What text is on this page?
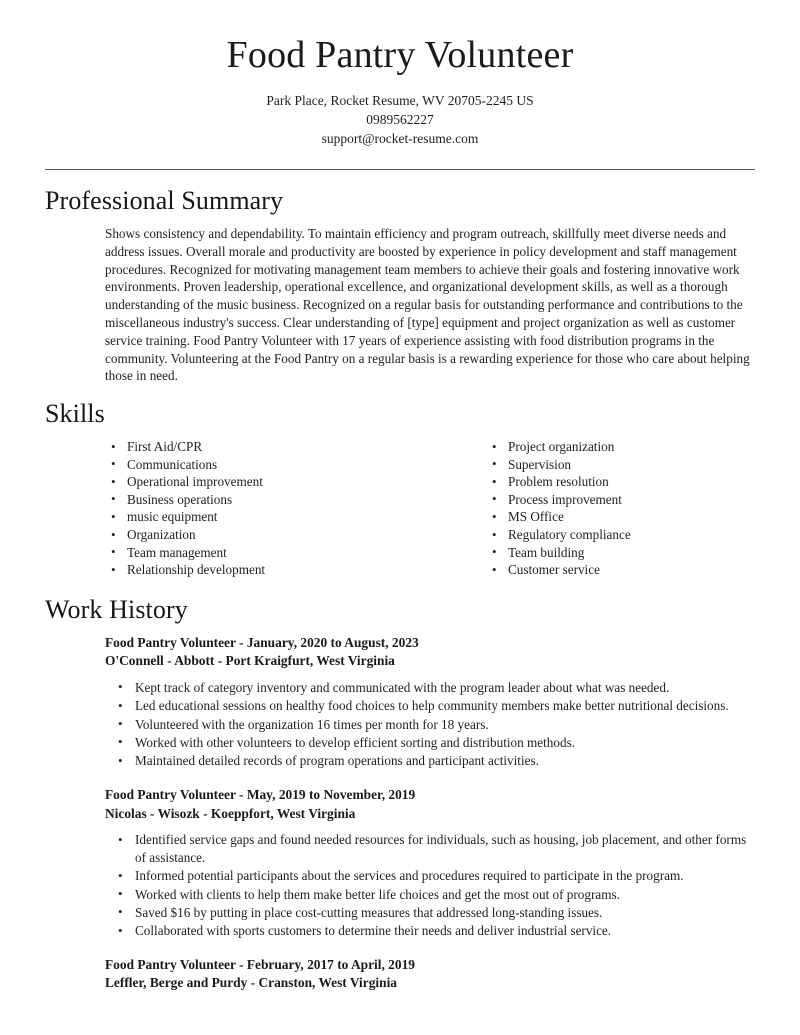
Food Pantry Volunteer
Park Place, Rocket Resume, WV 20705-2245 US
0989562227
support@rocket-resume.com
Professional Summary

Shows consistency and dependability. To maintain efficiency and program outreach, skillfully meet diverse needs and address issues. Overall morale and productivity are boosted by experience in policy development and staff management procedures. Recognized for motivating management team members to achieve their goals and fostering innovative work environments. Proven leadership, operational excellence, and organizational development skills, as well as a thorough understanding of the music business. Recognized on a regular basis for outstanding performance and contributions to the miscellaneous industry's success. Clear understanding of [type] equipment and project organization as well as customer service training. Food Pantry Volunteer with 17 years of experience assisting with food distribution programs in the community. Volunteering at the Food Pantry on a regular basis is a rewarding experience for those who care about helping those in need.

Skills
• First Aid/CPR
• Communications
• Operational improvement
• Business operations
• music equipment
• Organization
• Team management
• Relationship development
• Project organization
• Supervision
• Problem resolution
• Process improvement
• MS Office
• Regulatory compliance
• Team building
• Customer service
Work History
Food Pantry Volunteer - January, 2020 to August, 2023
O'Connell - Abbott - Port Kraigfurt, West Virginia
• Kept track of category inventory and communicated with the program leader about what was needed.
• Led educational sessions on healthy food choices to help community members make better nutritional decisions.
• Volunteered with the organization 16 times per month for 18 years.
• Worked with other volunteers to develop efficient sorting and distribution methods.
• Maintained detailed records of program operations and participant activities.
Food Pantry Volunteer - May, 2019 to November, 2019
Nicolas - Wisozk - Koeppfort, West Virginia
• Identified service gaps and found needed resources for individuals, such as housing, job placement, and other forms of assistance.
• Informed potential participants about the services and procedures required to participate in the program.
• Worked with clients to help them make better life choices and get the most out of programs.
• Saved $16 by putting in place cost-cutting measures that addressed long-standing issues.
• Collaborated with sports customers to determine their needs and deliver industrial service.
Food Pantry Volunteer - February, 2017 to April, 2019
Leffler, Berge and Purdy - Cranston, West Virginia
